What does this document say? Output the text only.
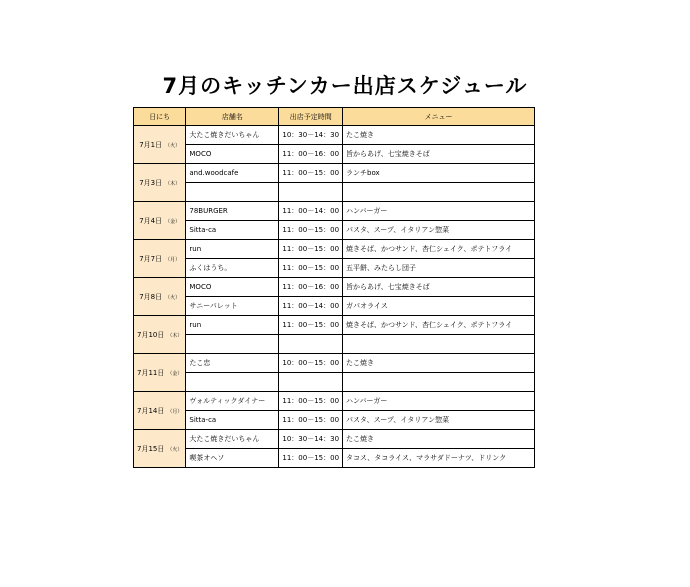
7月のキッチンカー出店スケジュール
日にち	店舗名	出店予定時間	メニュー
7月1日 （火）	大たこ焼きだいちゃん	10：30－14：30	たこ焼き
	MOCO	11：00－16：00	旨からあげ、七宝焼きそば
7月3日 （木）	and.woodcafe	11：00－15：00	ランチbox

7月4日 （金）	78BURGER	11：00－14：00	ハンバーガー
	Sitta-ca	11：00－15：00	パスタ、スープ、イタリアン惣菜
7月7日 （月）	run	11：00－15：00	焼きそば、かつサンド、杏仁シェイク、ポテトフライ
	ふくはうち。	11：00－15：00	五平餅、みたらし団子
7月8日 （火）	MOCO	11：00－16：00	旨からあげ、七宝焼きそば
	サニーパレット	11：00－14：00	ガパオライス
7月10日 （木）	run	11：00－15：00	焼きそば、かつサンド、杏仁シェイク、ポテトフライ

7月11日 （金）	たこ忠	10：00－15：00	たこ焼き

7月14日 （月）	ヴォルティックダイナー	11：00－15：00	ハンバーガー
	Sitta-ca	11：00－15：00	パスタ、スープ、イタリアン惣菜
7月15日 （火）	大たこ焼きだいちゃん	10：30－14：30	たこ焼き
	喫茶オヘソ	11：00－15：00	タコス、タコライス、マラサダドーナツ、ドリンク
